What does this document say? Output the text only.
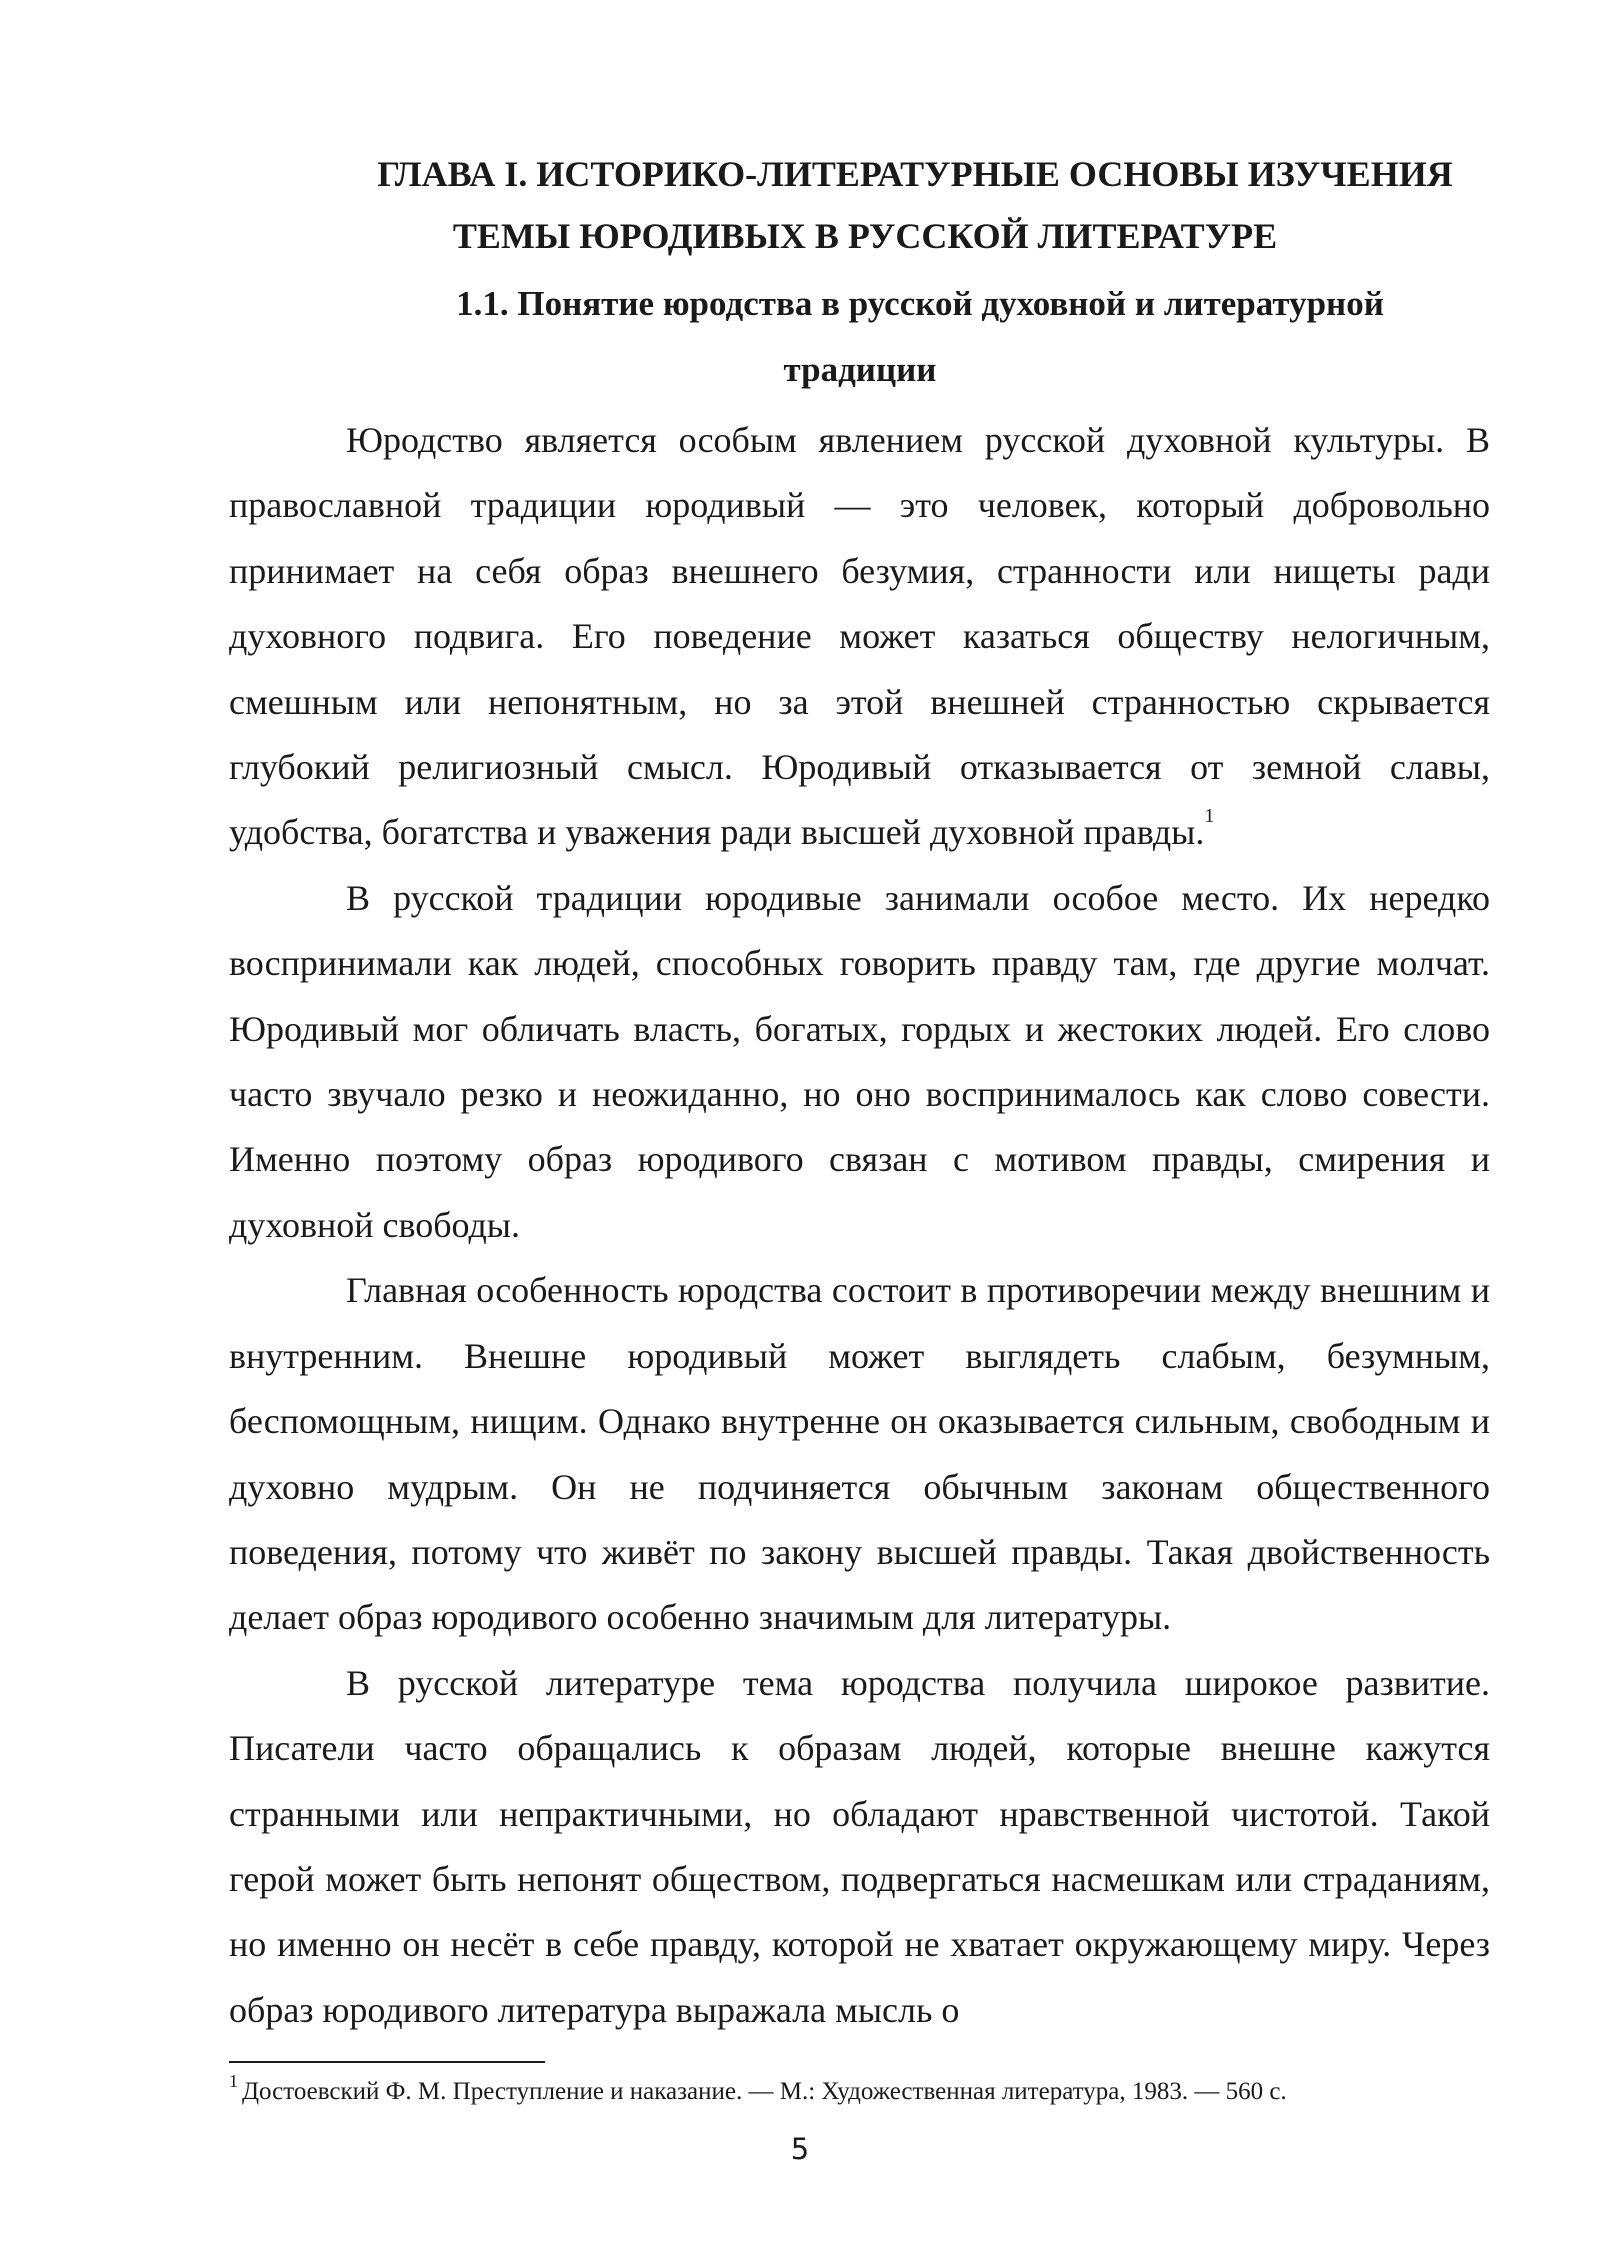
ГЛАВА I. ИСТОРИКО-ЛИТЕРАТУРНЫЕ ОСНОВЫ ИЗУЧЕНИЯ
ТЕМЫ ЮРОДИВЫХ В РУССКОЙ ЛИТЕРАТУРЕ
1.1. Понятие юродства в русской духовной и литературной
традиции

Юродство является особым явлением русской духовной культуры. В православной традиции юродивый — это человек, который добровольно принимает на себя образ внешнего безумия, странности или нищеты ради духовного подвига. Его поведение может казаться обществу нелогичным, смешным или непонятным, но за этой внешней странностью скрывается глубокий религиозный смысл. Юродивый отказывается от земной славы, удобства, богатства и уважения ради высшей духовной правды.$^1$

В русской традиции юродивые занимали особое место. Их нередко воспринимали как людей, способных говорить правду там, где другие молчат. Юродивый мог обличать власть, богатых, гордых и жестоких людей. Его слово часто звучало резко и неожиданно, но оно воспринималось как слово совести. Именно поэтому образ юродивого связан с мотивом правды, смирения и духовной свободы.

Главная особенность юродства состоит в противоречии между внешним и внутренним. Внешне юродивый может выглядеть слабым, безумным, беспомощным, нищим. Однако внутренне он оказывается сильным, свободным и духовно мудрым. Он не подчиняется обычным законам общественного поведения, потому что живёт по закону высшей правды. Такая двойственность делает образ юродивого особенно значимым для литературы.

В русской литературе тема юродства получила широкое развитие. Писатели часто обращались к образам людей, которые внешне кажутся странными или непрактичными, но обладают нравственной чистотой. Такой герой может быть непонят обществом, подвергаться насмешкам или страданиям, но именно он несёт в себе правду, которой не хватает окружающему миру. Через образ юродивого литература выражала мысль о

$^1$ Достоевский Ф. М. Преступление и наказание. — М.: Художественная литература, 1983. — 560 с.
5
